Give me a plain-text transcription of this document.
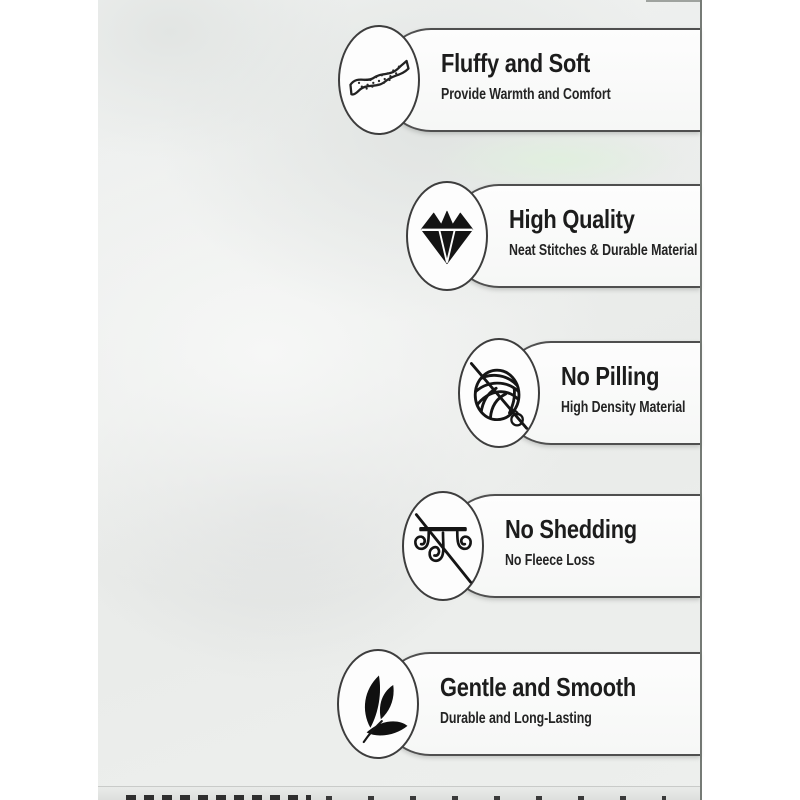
Fluffy and Soft
Provide Warmth and Comfort
High Quality
Neat Stitches & Durable Material
No Pilling
High Density Material
No Shedding
No Fleece Loss
Gentle and Smooth
Durable and Long-Lasting
